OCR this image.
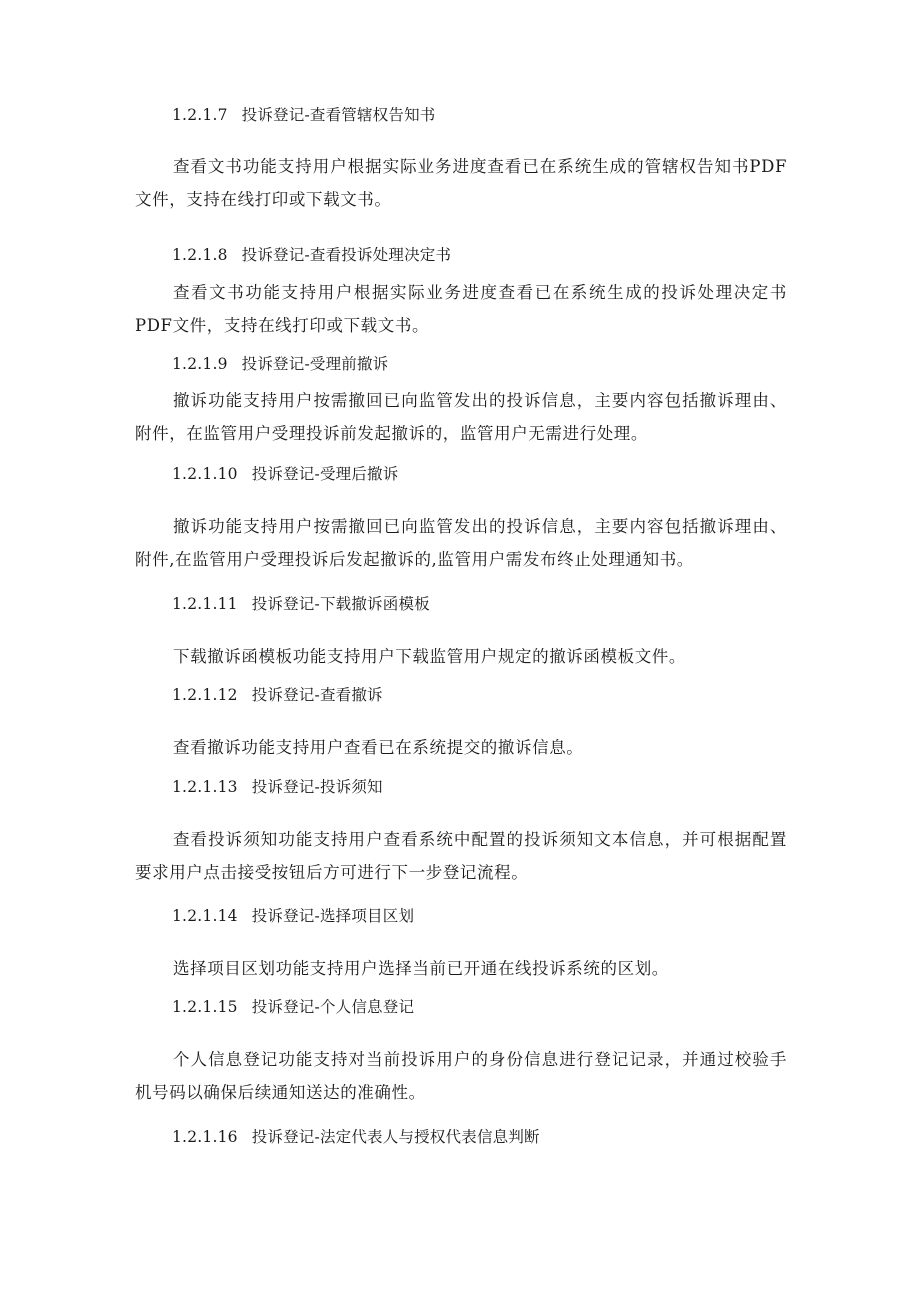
1.2.1.7 投诉登记-查看管辖权告知书

查看文书功能支持用户根据实际业务进度查看已在系统生成的管辖权告知书PDF文件，支持在线打印或下载文书。

1.2.1.8 投诉登记-查看投诉处理决定书

查看文书功能支持用户根据实际业务进度查看已在系统生成的投诉处理决定书PDF文件，支持在线打印或下载文书。

1.2.1.9 投诉登记-受理前撤诉

撤诉功能支持用户按需撤回已向监管发出的投诉信息，主要内容包括撤诉理由、附件，在监管用户受理投诉前发起撤诉的，监管用户无需进行处理。

1.2.1.10 投诉登记-受理后撤诉

撤诉功能支持用户按需撤回已向监管发出的投诉信息，主要内容包括撤诉理由、附件,在监管用户受理投诉后发起撤诉的,监管用户需发布终止处理通知书。

1.2.1.11 投诉登记-下载撤诉函模板

下载撤诉函模板功能支持用户下载监管用户规定的撤诉函模板文件。

1.2.1.12 投诉登记-查看撤诉

查看撤诉功能支持用户查看已在系统提交的撤诉信息。

1.2.1.13 投诉登记-投诉须知

查看投诉须知功能支持用户查看系统中配置的投诉须知文本信息，并可根据配置要求用户点击接受按钮后方可进行下一步登记流程。

1.2.1.14 投诉登记-选择项目区划

选择项目区划功能支持用户选择当前已开通在线投诉系统的区划。

1.2.1.15 投诉登记-个人信息登记

个人信息登记功能支持对当前投诉用户的身份信息进行登记记录，并通过校验手机号码以确保后续通知送达的准确性。

1.2.1.16 投诉登记-法定代表人与授权代表信息判断
